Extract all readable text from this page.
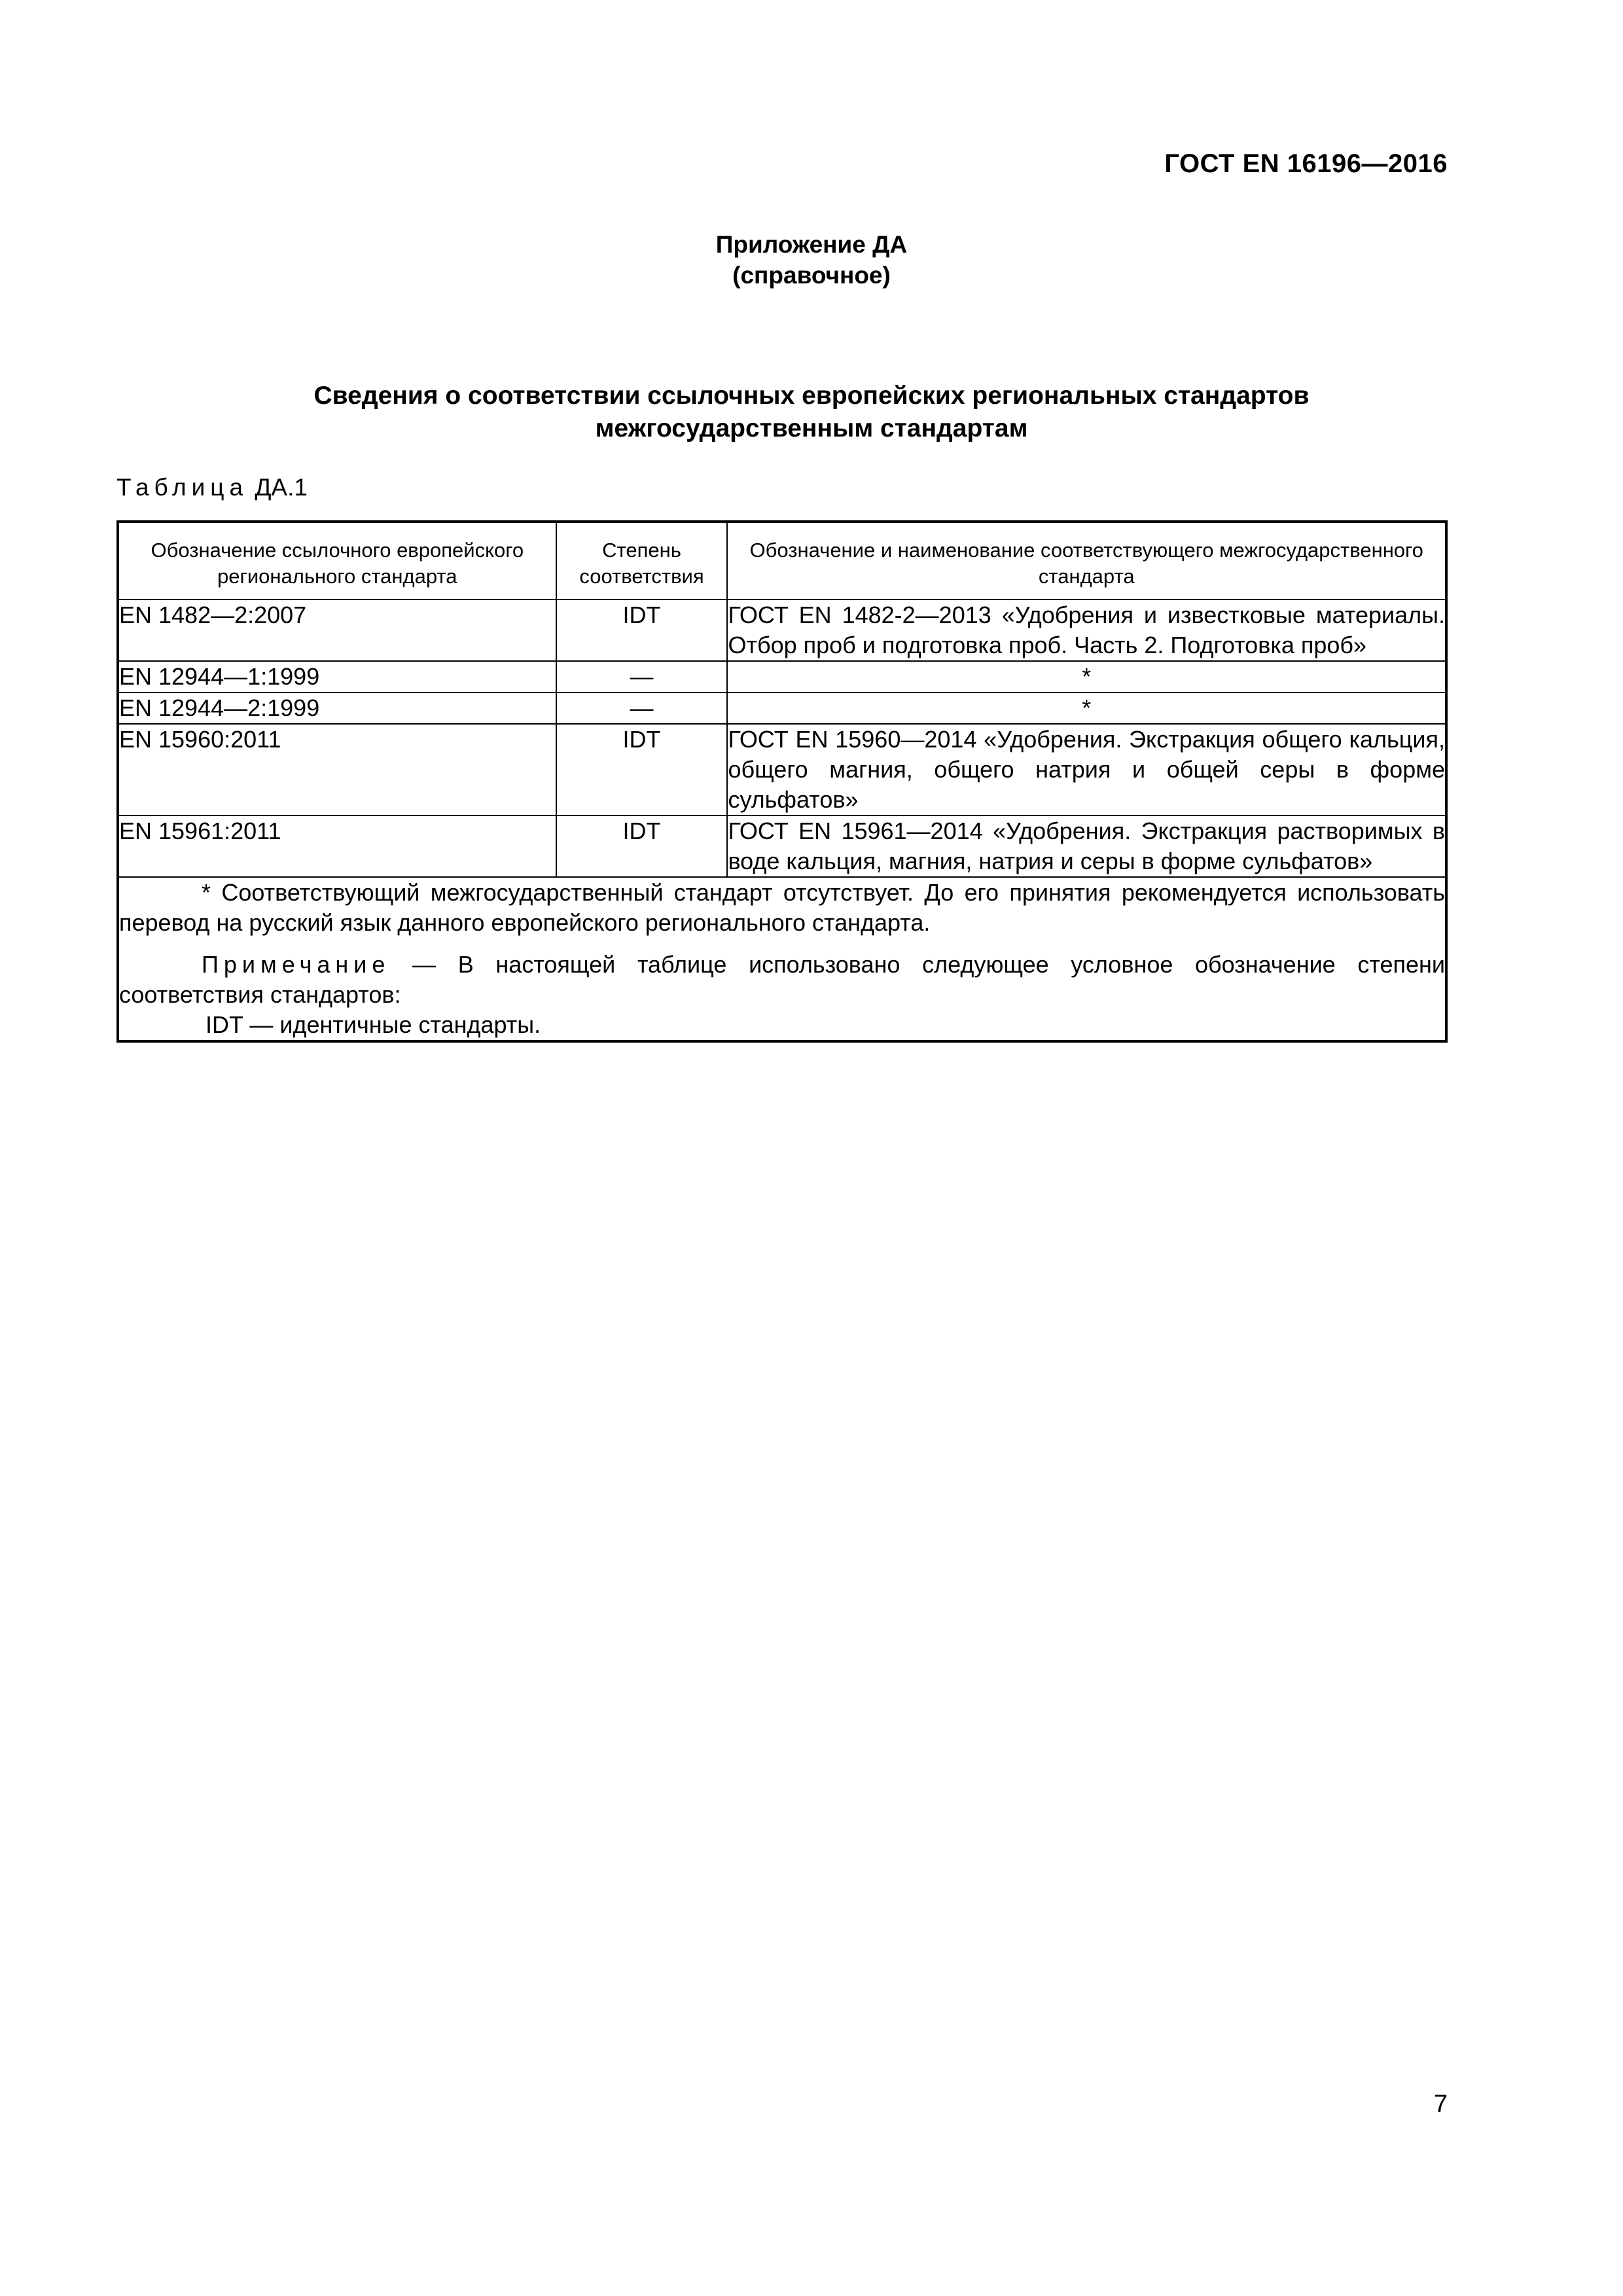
ГОСТ EN 16196—2016
Приложение ДА
(справочное)
Сведения о соответствии ссылочных европейских региональных стандартов
межгосударственным стандартам
Таблица ДА.1
Обозначение ссылочного европейского регионального стандарта	Степень соответствия	Обозначение и наименование соответствующего межгосударственного стандарта
EN 1482—2:2007	IDT	ГОСТ EN 1482-2—2013 «Удобрения и известковые материалы. Отбор проб и подготовка проб. Часть 2. Подготовка проб»
EN 12944—1:1999	—	*
EN 12944—2:1999	—	*
EN 15960:2011	IDT	ГОСТ EN 15960—2014 «Удобрения. Экстракция общего кальция, общего магния, общего натрия и общей серы в форме сульфатов»
EN 15961:2011	IDT	ГОСТ EN 15961—2014 «Удобрения. Экстракция растворимых в воде кальция, магния, натрия и серы в форме сульфатов»

* Соответствующий межгосударственный стандарт отсутствует. До его принятия рекомендуется использовать перевод на русский язык данного европейского регионального стандарта.

Примечание — В настоящей таблице использовано следующее условное обозначение степени соответствия стандартов:

IDT — идентичные стандарты.		

7
